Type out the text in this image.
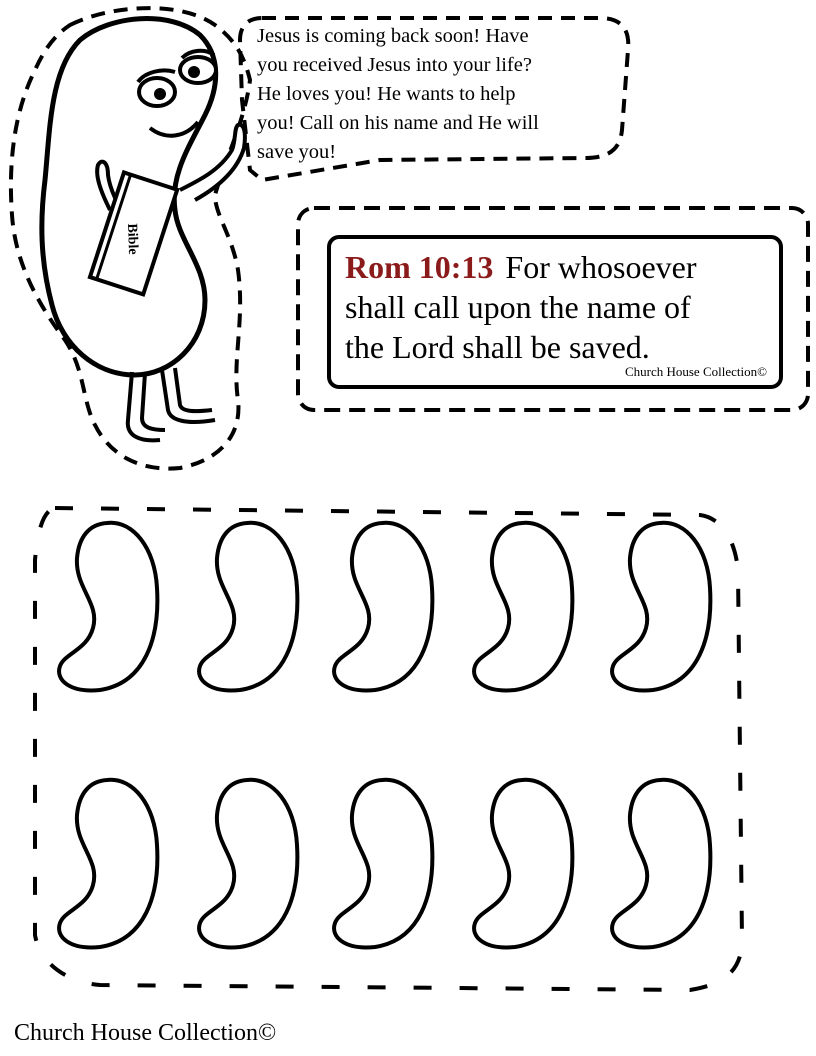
Bible
Jesus is coming back soon! Have
you received Jesus into your life?
He loves you! He wants to help
you! Call on his name and He will
save you!
Rom 10:13 For whosoever
shall call upon the name of
the Lord shall be saved.
Church House Collection©
Church House Collection©
